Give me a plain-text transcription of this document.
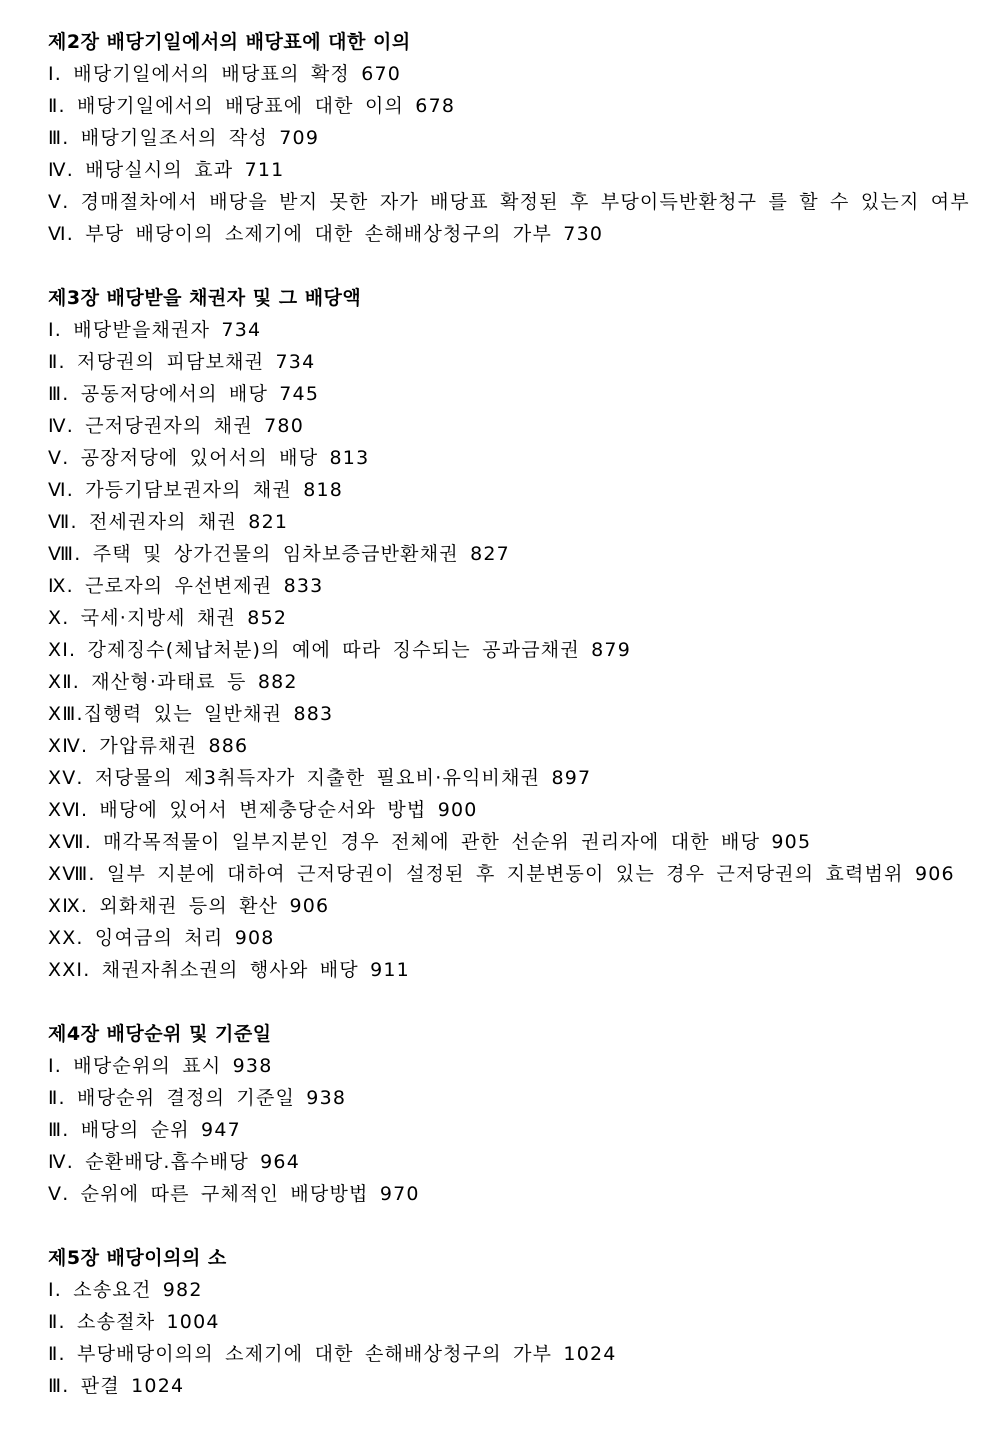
제2장 배당기일에서의 배당표에 대한 이의
Ⅰ. 배당기일에서의 배당표의 확정 670
Ⅱ. 배당기일에서의 배당표에 대한 이의 678
Ⅲ. 배당기일조서의 작성 709
Ⅳ. 배당실시의 효과 711
Ⅴ. 경매절차에서 배당을 받지 못한 자가 배당표 확정된 후 부당이득반환청구 를 할 수 있는지 여부
Ⅵ. 부당 배당이의 소제기에 대한 손해배상청구의 가부 730
제3장 배당받을 채권자 및 그 배당액
Ⅰ. 배당받을채권자 734
Ⅱ. 저당권의 피담보채권 734
Ⅲ. 공동저당에서의 배당 745
Ⅳ. 근저당권자의 채권 780
Ⅴ. 공장저당에 있어서의 배당 813
Ⅵ. 가등기담보권자의 채권 818
Ⅶ. 전세권자의 채권 821
Ⅷ. 주택 및 상가건물의 임차보증금반환채권 827
Ⅸ. 근로자의 우선변제권 833
Ⅹ. 국세·지방세 채권 852
ⅩⅠ. 강제징수(체납처분)의 예에 따라 징수되는 공과금채권 879
ⅩⅡ. 재산형·과태료 등 882
ⅩⅢ.집행력 있는 일반채권 883
ⅩⅣ. 가압류채권 886
ⅩⅤ. 저당물의 제3취득자가 지출한 필요비·유익비채권 897
ⅩⅥ. 배당에 있어서 변제충당순서와 방법 900
ⅩⅦ. 매각목적물이 일부지분인 경우 전체에 관한 선순위 권리자에 대한 배당 905
ⅩⅧ. 일부 지분에 대하여 근저당권이 설정된 후 지분변동이 있는 경우 근저당권의 효력범위 906
ⅩⅨ. 외화채권 등의 환산 906
ⅩⅩ. 잉여금의 처리 908
ⅩⅩⅠ. 채권자취소권의 행사와 배당 911
제4장 배당순위 및 기준일
Ⅰ. 배당순위의 표시 938
Ⅱ. 배당순위 결정의 기준일 938
Ⅲ. 배당의 순위 947
Ⅳ. 순환배당.흡수배당 964
Ⅴ. 순위에 따른 구체적인 배당방법 970
제5장 배당이의의 소
Ⅰ. 소송요건 982
Ⅱ. 소송절차 1004
Ⅱ. 부당배당이의의 소제기에 대한 손해배상청구의 가부 1024
Ⅲ. 판결 1024
